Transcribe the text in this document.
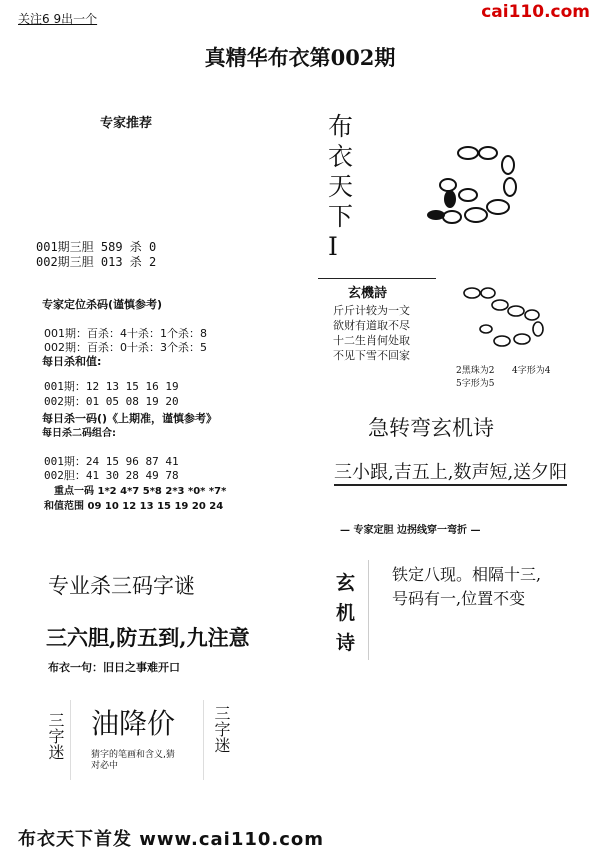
关注6 9出一个	cai110.com
真精华布衣第002期
专家推荐
001期三胆 589 杀 0
002期三胆 013 杀 2
专家定位杀码(谨慎参考)
001期：百杀：4十杀：1个杀：8
002期：百杀：0十杀：3个杀：5
每日杀和值:
001期：12 13 15 16 19
002期：01 05 08 19 20
每日杀一码()《上期准，谨慎参考》
每日杀二码组合:
001期：24 15 96 87 41
002胆：41 30 28 49 78
重点一码 1*2 4*7 5*8 2*3 *0* *7*
和值范围 09 10 12 13 15 19 20 24
专业杀三码字谜
三六胆,防五到,九注意
布衣一句：旧日之事难开口
三字迷 油降价
猜字的笔画和含义,猜对必中
三字迷
布衣天下I
玄機詩
斤斤计较为一文
欲财有道取不尽
十二生肖何处取
不见下雪不回家
2黑珠为2 4字形为4
5字形为5
急转弯玄机诗
三小跟,吉五上,数声短,送夕阳
— 专家定胆 边拐线穿一弯折 —
玄机诗
铁定八现。相隔十三,
号码有一,位置不变
布衣天下首发 www.cai110.com
